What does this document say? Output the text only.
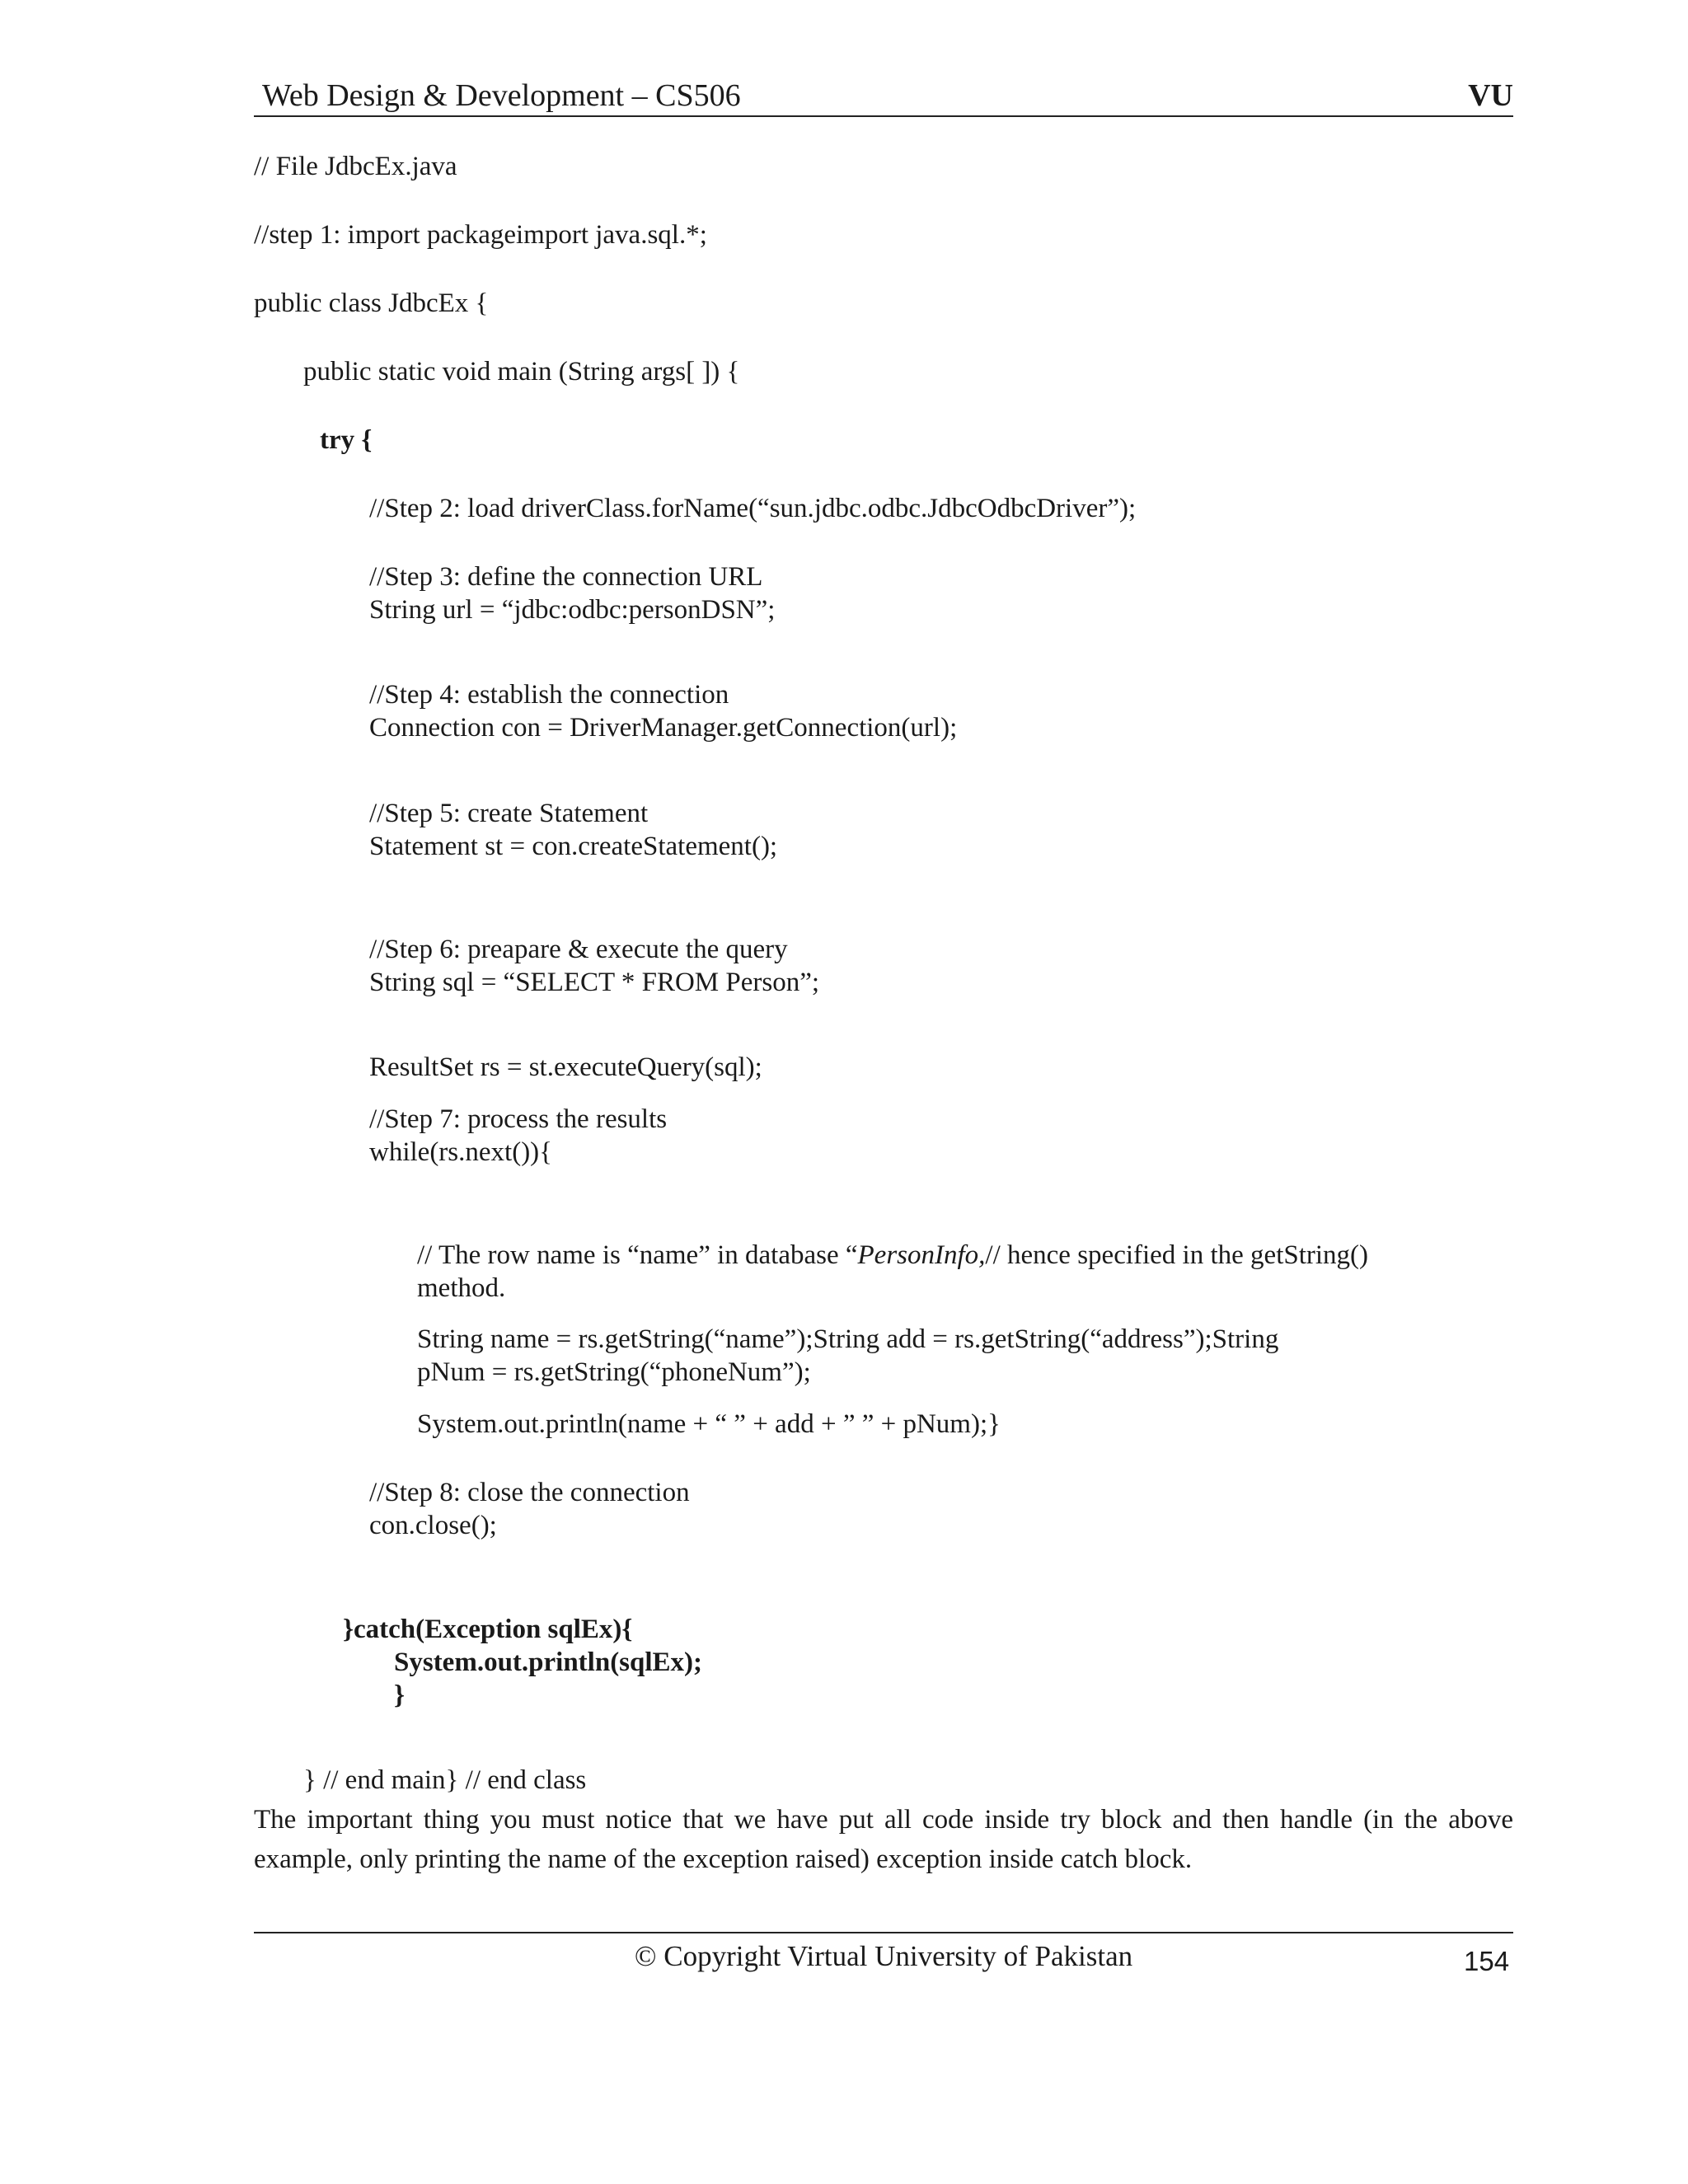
Web Design & Development – CS506	VU

// File JdbcEx.java

//step 1: import packageimport java.sql.*;

public class JdbcEx {

public static void main (String args[ ]) {

try {

//Step 2: load driverClass.forName(“sun.jdbc.odbc.JdbcOdbcDriver”);

//Step 3: define the connection URL

String url = “jdbc:odbc:personDSN”;

//Step 4: establish the connection

Connection con = DriverManager.getConnection(url);

//Step 5: create Statement

Statement st = con.createStatement();

//Step 6: preapare & execute the query

String sql = “SELECT * FROM Person”;

ResultSet rs = st.executeQuery(sql);

//Step 7: process the results

while(rs.next()){

// The row name is “name” in database “PersonInfo,// hence specified in the getString()

method.

String name = rs.getString(“name”);String add = rs.getString(“address”);String

pNum = rs.getString(“phoneNum”);

System.out.println(name + “ ” + add + ” ” + pNum);}

//Step 8: close the connection

con.close();

}catch(Exception sqlEx){

System.out.println(sqlEx);

}

} // end main} // end class

The important thing you must notice that we have put all code inside try block and then handle (in the above example, only printing the name of the exception raised) exception inside catch block.

© Copyright Virtual University of Pakistan	154
